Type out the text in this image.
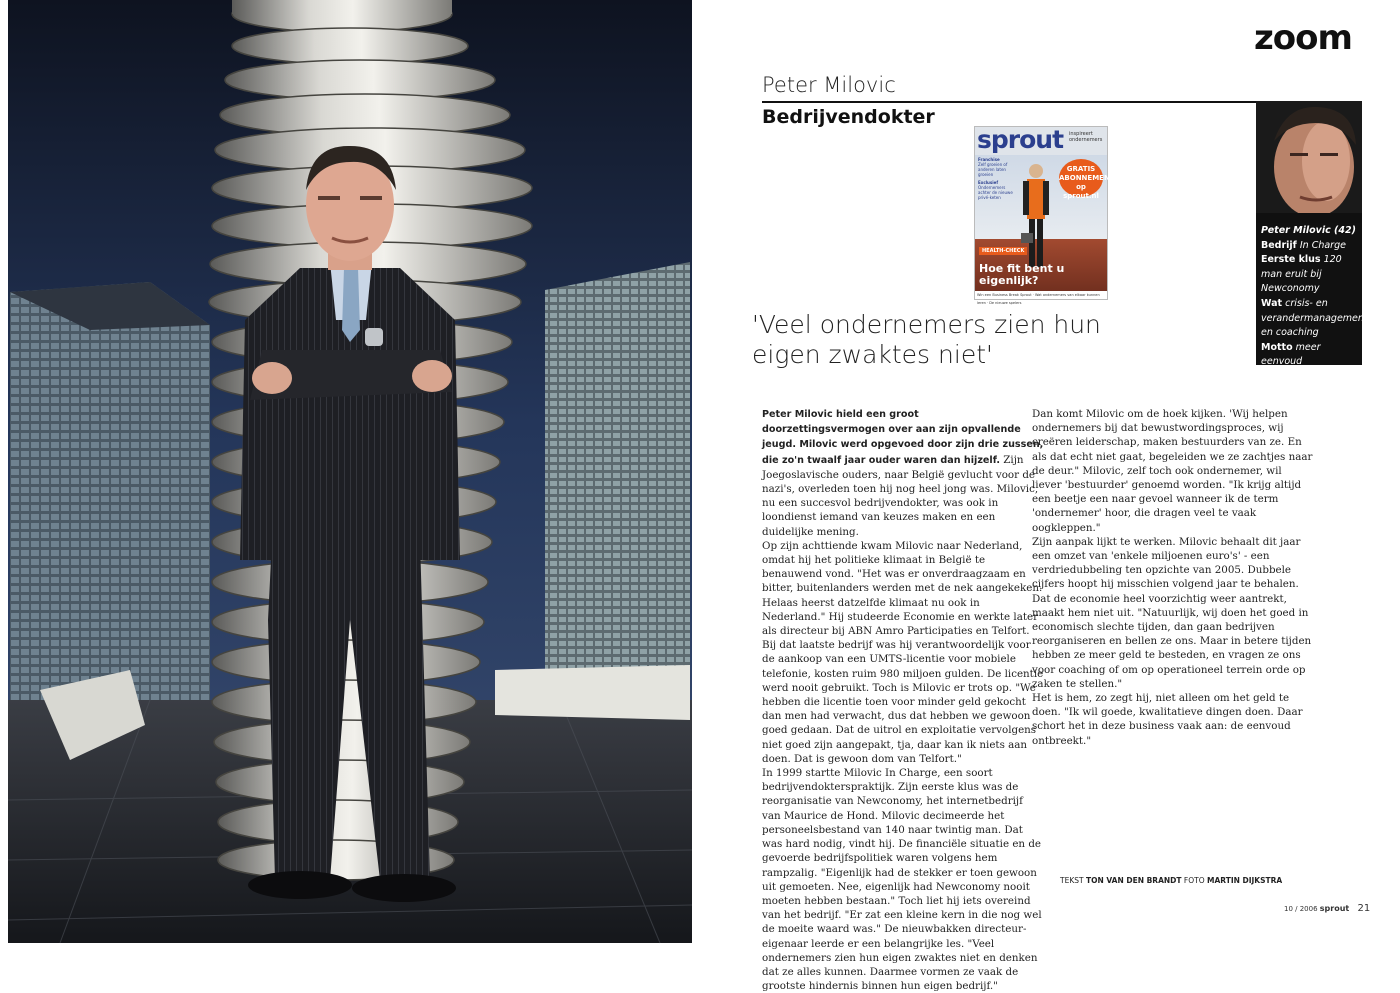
zoom
Peter Milovic
Bedrijvendokter
sprout inspireert ondernemers
Franchise
Zelf groeien of anderen laten groeien
Exclusief
Ondernemers achter de nieuwe privé-keten
GRATIS ABONNEMENT op sprout.nl
HEALTH-CHECK
Hoe fit bent u eigenlijk?
Win een Business Break Sprout · Wat ondernemers van elkaar kunnen leren · De nieuwe spelers

'Veel ondernemers zien hun eigen zwaktes niet'

Peter Milovic (42)

Bedrijf In Charge

Eerste klus 120 man eruit bij Newconomy

Wat crisis- en verandermanagement en coaching

Motto meer eenvoud

Hekel aan vakbonden

Peter Milovic hield een groot doorzettingsvermogen over aan zijn opvallende jeugd. Milovic werd opgevoed door zijn drie zussen, die zo'n twaalf jaar ouder waren dan hijzelf. Zijn Joegoslavische ouders, naar België gevlucht voor de nazi's, overleden toen hij nog heel jong was. Milovic, nu een succesvol bedrijvendokter, was ook in loondienst iemand van keuzes maken en een duidelijke mening.

Op zijn achttiende kwam Milovic naar Nederland, omdat hij het politieke klimaat in België te benauwend vond. "Het was er onverdraagzaam en bitter, buitenlanders werden met de nek aangekeken. Helaas heerst datzelfde klimaat nu ook in Nederland." Hij studeerde Economie en werkte later als directeur bij ABN Amro Participaties en Telfort.

Bij dat laatste bedrijf was hij verantwoordelijk voor de aankoop van een UMTS-licentie voor mobiele telefonie, kosten ruim 980 miljoen gulden. De licentie werd nooit gebruikt. Toch is Milovic er trots op. "We hebben die licentie toen voor minder geld gekocht dan men had verwacht, dus dat hebben we gewoon goed gedaan. Dat de uitrol en exploitatie vervolgens niet goed zijn aangepakt, tja, daar kan ik niets aan doen. Dat is gewoon dom van Telfort."

In 1999 startte Milovic In Charge, een soort bedrijvendokterspraktijk. Zijn eerste klus was de reorganisatie van Newconomy, het internetbedrijf van Maurice de Hond. Milovic decimeerde het personeelsbestand van 140 naar twintig man. Dat was hard nodig, vindt hij. De financiële situatie en de gevoerde bedrijfspolitiek waren volgens hem rampzalig. "Eigenlijk had de stekker er toen gewoon uit gemoeten. Nee, eigenlijk had Newconomy nooit moeten hebben bestaan." Toch liet hij iets overeind van het bedrijf. "Er zat een kleine kern in die nog wel de moeite waard was." De nieuwbakken directeur-eigenaar leerde er een belangrijke les. "Veel ondernemers zien hun eigen zwaktes niet en denken dat ze alles kunnen. Daarmee vormen ze vaak de grootste hindernis binnen hun eigen bedrijf."

Dan komt Milovic om de hoek kijken. 'Wij helpen ondernemers bij dat bewustwordingsproces, wij creëren leiderschap, maken bestuurders van ze. En als dat echt niet gaat, begeleiden we ze zachtjes naar de deur." Milovic, zelf toch ook ondernemer, wil liever 'bestuurder' genoemd worden. "Ik krijg altijd een beetje een naar gevoel wanneer ik de term 'ondernemer' hoor, die dragen veel te vaak oogkleppen."

Zijn aanpak lijkt te werken. Milovic behaalt dit jaar een omzet van 'enkele miljoenen euro's' - een verdriedubbeling ten opzichte van 2005. Dubbele cijfers hoopt hij misschien volgend jaar te behalen. Dat de economie heel voorzichtig weer aantrekt, maakt hem niet uit. "Natuurlijk, wij doen het goed in economisch slechte tijden, dan gaan bedrijven reorganiseren en bellen ze ons. Maar in betere tijden hebben ze meer geld te besteden, en vragen ze ons voor coaching of om op operationeel terrein orde op zaken te stellen."

Het is hem, zo zegt hij, niet alleen om het geld te doen. "Ik wil goede, kwalitatieve dingen doen. Daar schort het in deze business vaak aan: de eenvoud ontbreekt."

TEKST TON VAN DEN BRANDT FOTO MARTIN DIJKSTRA
10 / 2006 sprout 21
